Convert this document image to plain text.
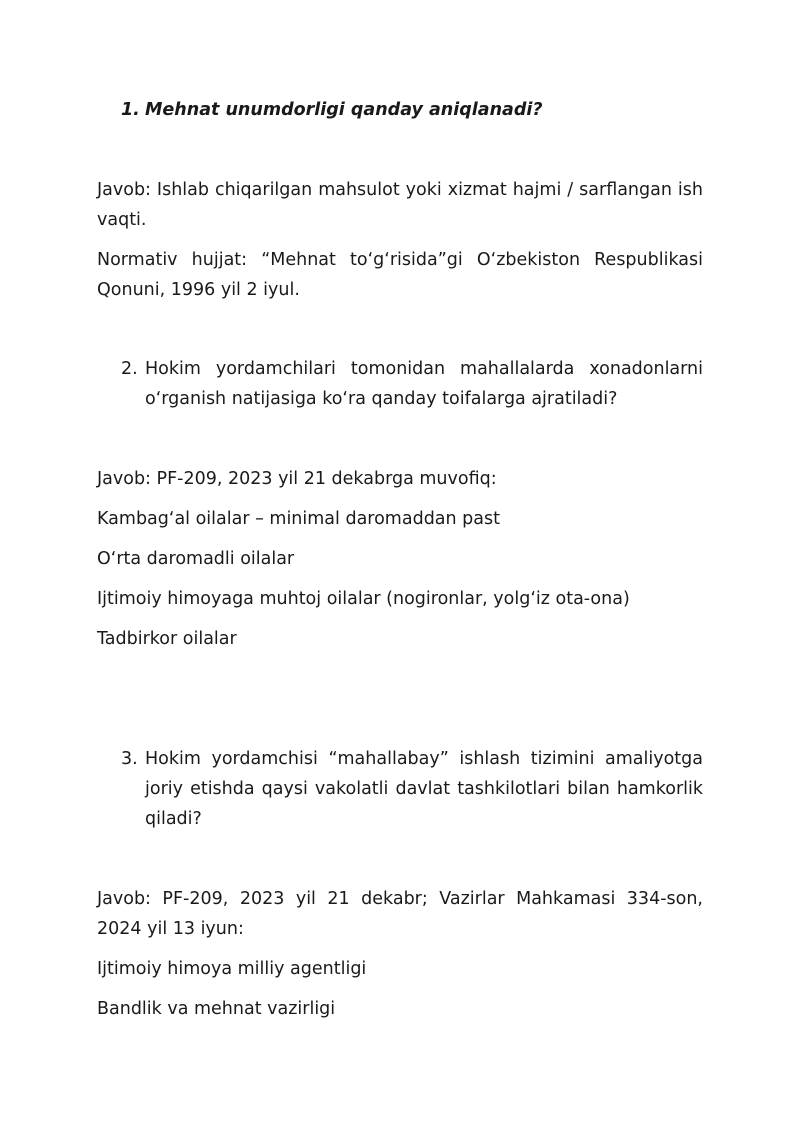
1. Mehnat unumdorligi qanday aniqlanadi?

Javob: Ishlab chiqarilgan mahsulot yoki xizmat hajmi / sarflangan ish vaqti.

Normativ hujjat: “Mehnat to‘g‘risida”gi O‘zbekiston Respublikasi Qonuni, 1996 yil 2 iyul.

2. Hokim yordamchilari tomonidan mahallalarda xonadonlarni o‘rganish natijasiga ko‘ra qanday toifalarga ajratiladi?

Javob: PF-209, 2023 yil 21 dekabrga muvofiq:

Kambag‘al oilalar – minimal daromaddan past

O‘rta daromadli oilalar

Ijtimoiy himoyaga muhtoj oilalar (nogironlar, yolg‘iz ota-ona)

Tadbirkor oilalar

3. Hokim yordamchisi “mahallabay” ishlash tizimini amaliyotga joriy etishda qaysi vakolatli davlat tashkilotlari bilan hamkorlik qiladi?

Javob: PF-209, 2023 yil 21 dekabr; Vazirlar Mahkamasi 334-son, 2024 yil 13 iyun:

Ijtimoiy himoya milliy agentligi

Bandlik va mehnat vazirligi
